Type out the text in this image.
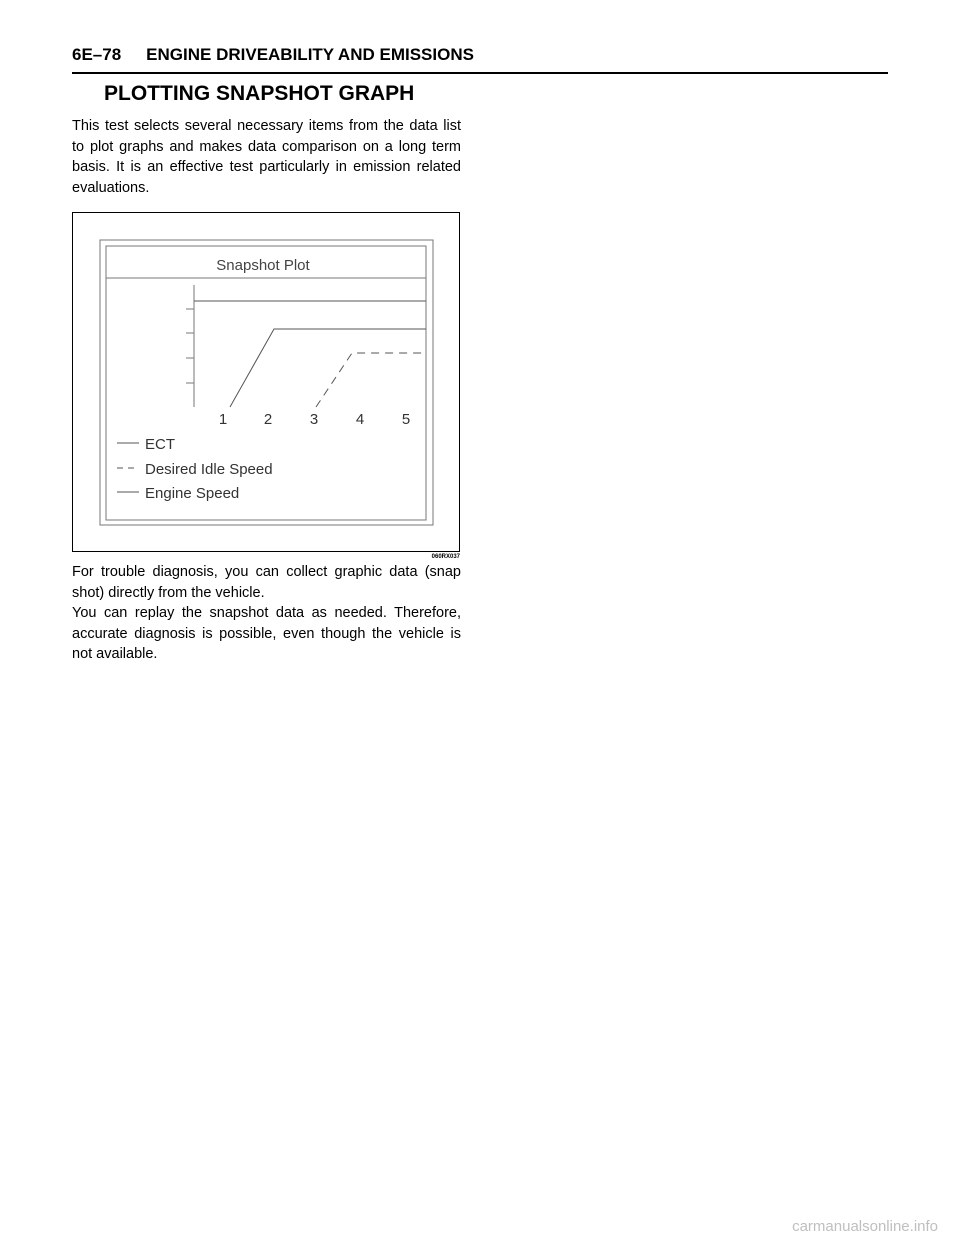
6E–78 ENGINE DRIVEABILITY AND EMISSIONS
PLOTTING SNAPSHOT GRAPH

This test selects several necessary items from the data list to plot graphs and makes data comparison on a long term basis. It is an effective test particularly in emission related evaluations.

Snapshot Plot
1 2	3	4	5
ECT
Desired Idle Speed
Engine Speed
060RX037

For trouble diagnosis, you can collect graphic data (snap shot) directly from the vehicle.

You can replay the snapshot data as needed. Therefore, accurate diagnosis is possible, even though the vehicle is not available.

carmanualsonline.info
